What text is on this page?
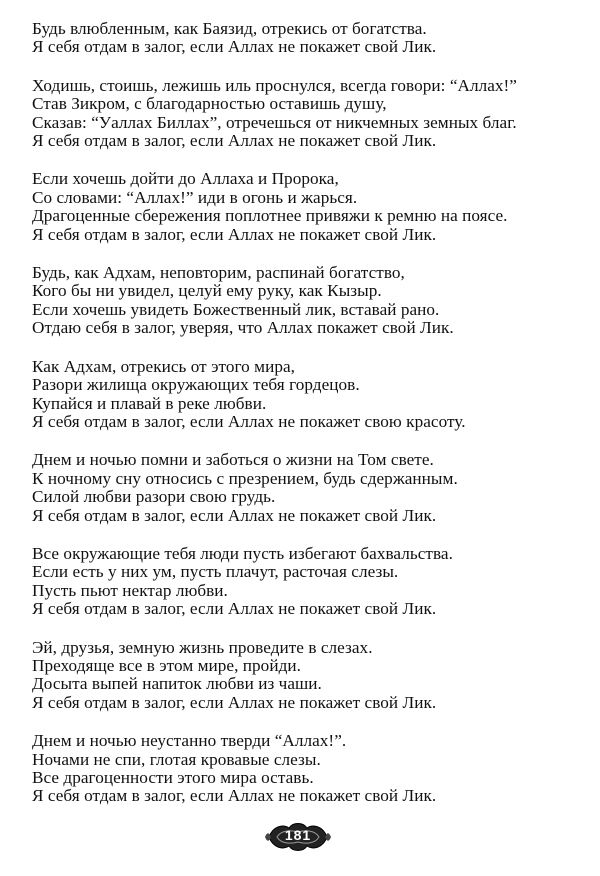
Будь влюбленным, как Баязид, отрекись от богатства.
Я себя отдам в залог, если Аллах не покажет свой Лик.
Ходишь, стоишь, лежишь иль проснулся, всегда говори: “Аллах!”
Став Зикром, с благодарностью оставишь душу,
Сказав: “Уаллах Биллах”, отречешься от никчемных земных благ.
Я себя отдам в залог, если Аллах не покажет свой Лик.
Если хочешь дойти до Аллаха и Пророка,
Со словами: “Аллах!” иди в огонь и жарься.
Драгоценные сбережения поплотнее привяжи к ремню на поясе.
Я себя отдам в залог, если Аллах не покажет свой Лик.
Будь, как Адхам, неповторим, распинай богатство,
Кого бы ни увидел, целуй ему руку, как Кызыр.
Если хочешь увидеть Божественный лик, вставай рано.
Отдаю себя в залог, уверяя, что Аллах покажет свой Лик.
Как Адхам, отрекись от этого мира,
Разори жилища окружающих тебя гордецов.
Купайся и плавай в реке любви.
Я себя отдам в залог, если Аллах не покажет свою красоту.
Днем и ночью помни и заботься о жизни на Том свете.
К ночному сну относись с презрением, будь сдержанным.
Силой любви разори свою грудь.
Я себя отдам в залог, если Аллах не покажет свой Лик.
Все окружающие тебя люди пусть избегают бахвальства.
Если есть у них ум, пусть плачут, расточая слезы.
Пусть пьют нектар любви.
Я себя отдам в залог, если Аллах не покажет свой Лик.
Эй, друзья, земную жизнь проведите в слезах.
Преходяще все в этом мире, пройди.
Досыта выпей напиток любви из чаши.
Я себя отдам в залог, если Аллах не покажет свой Лик.
Днем и ночью неустанно тверди “Аллах!”.
Ночами не спи, глотая кровавые слезы.
Все драгоценности этого мира оставь.
Я себя отдам в залог, если Аллах не покажет свой Лик.
181
